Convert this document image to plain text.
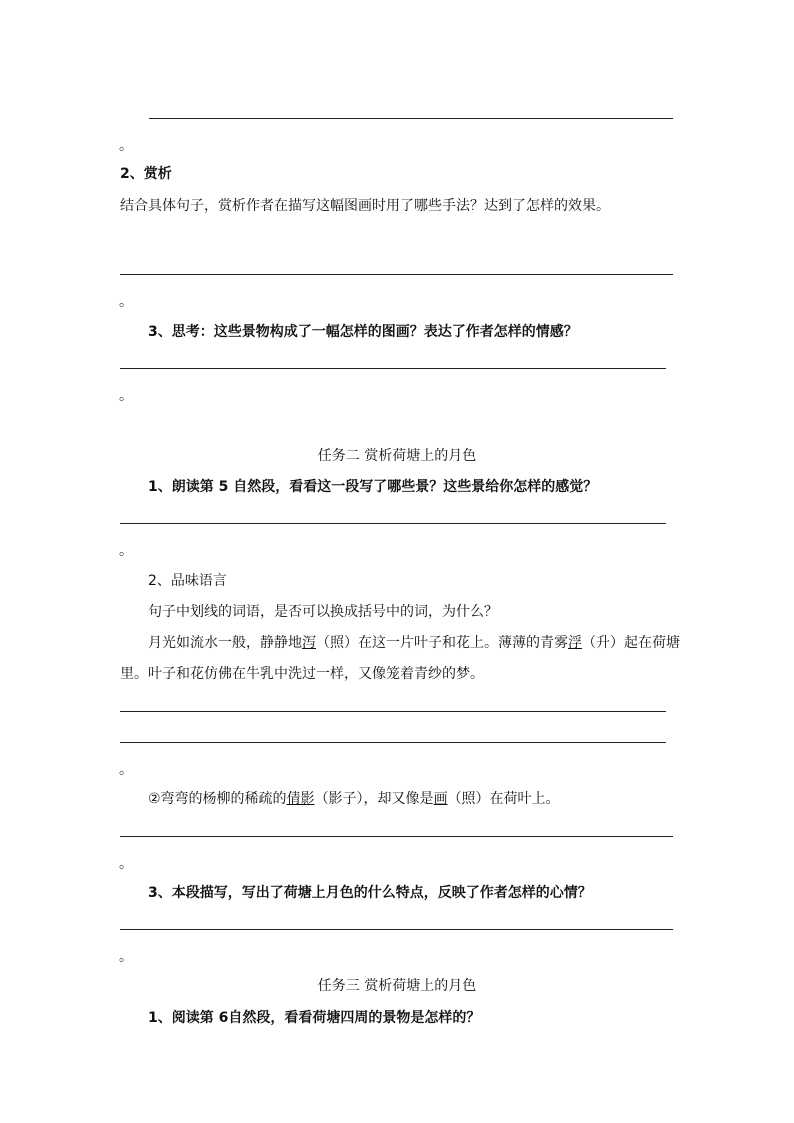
。
2、赏析
结合具体句子，赏析作者在描写这幅图画时用了哪些手法？达到了怎样的效果。
。
3、思考：这些景物构成了一幅怎样的图画？表达了作者怎样的情感？
。
任务二 赏析荷塘上的月色
1、朗读第 5 自然段，看看这一段写了哪些景？这些景给你怎样的感觉？
。
2、品味语言
句子中划线的词语，是否可以换成括号中的词，为什么？
月光如流水一般，静静地泻（照）在这一片叶子和花上。薄薄的青雾浮（升）起在荷塘
里。叶子和花仿佛在牛乳中洗过一样，又像笼着青纱的梦。
。
②弯弯的杨柳的稀疏的倩影（影子），却又像是画（照）在荷叶上。
。
3、本段描写，写出了荷塘上月色的什么特点，反映了作者怎样的心情？
。
任务三 赏析荷塘上的月色
1、阅读第 6自然段，看看荷塘四周的景物是怎样的？
